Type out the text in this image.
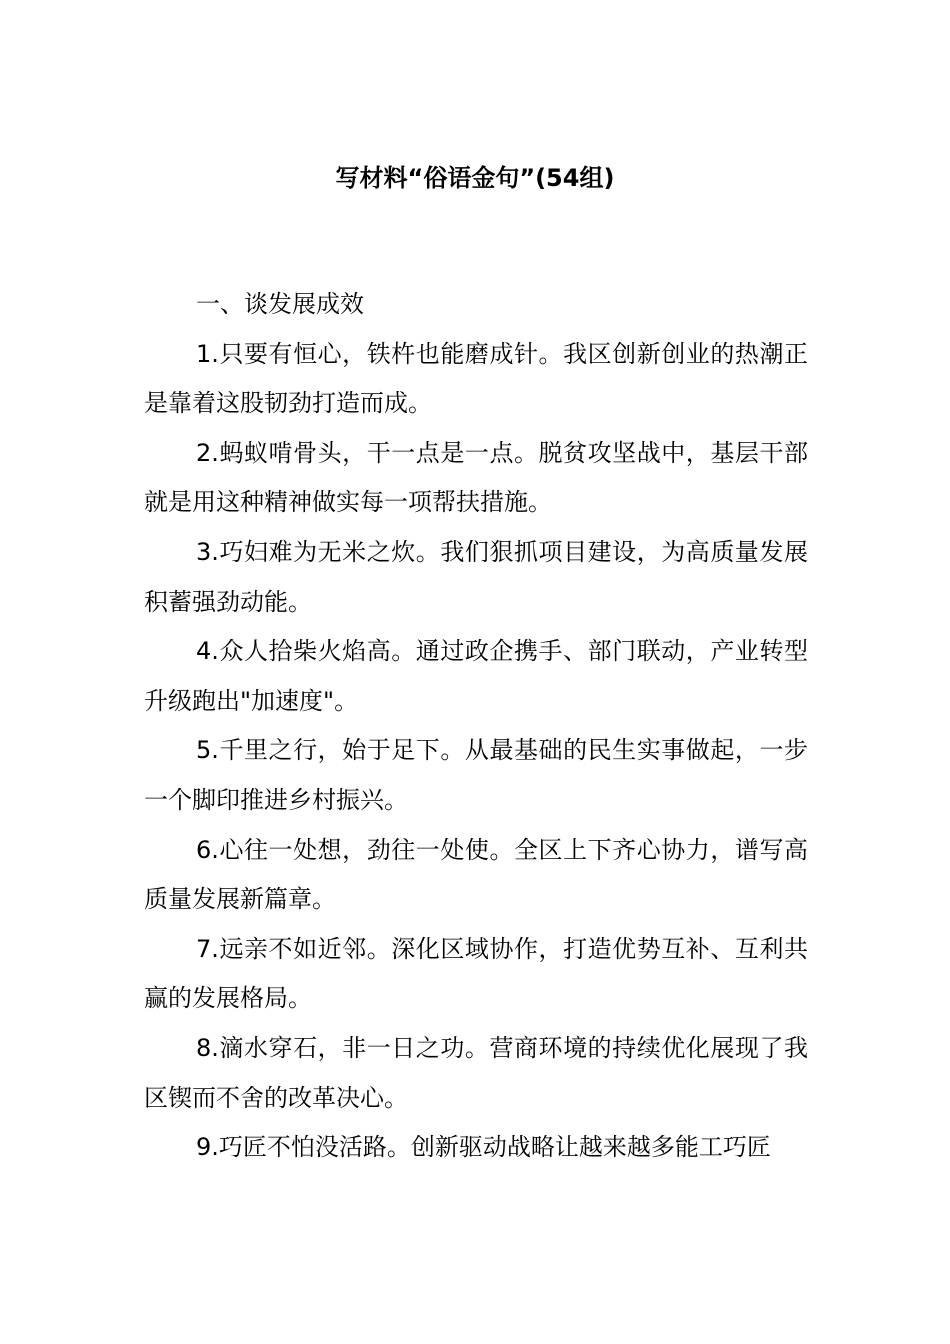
写材料“俗语金句”(54组)

一、谈发展成效

1.只要有恒心，铁杵也能磨成针。我区创新创业的热潮正是靠着这股韧劲打造而成。

2.蚂蚁啃骨头，干一点是一点。脱贫攻坚战中，基层干部就是用这种精神做实每一项帮扶措施。

3.巧妇难为无米之炊。我们狠抓项目建设，为高质量发展积蓄强劲动能。

4.众人拾柴火焰高。通过政企携手、部门联动，产业转型升级跑出"加速度"。

5.千里之行，始于足下。从最基础的民生实事做起，一步一个脚印推进乡村振兴。

6.心往一处想，劲往一处使。全区上下齐心协力，谱写高质量发展新篇章。

7.远亲不如近邻。深化区域协作，打造优势互补、互利共赢的发展格局。

8.滴水穿石，非一日之功。营商环境的持续优化展现了我区锲而不舍的改革决心。

9.巧匠不怕没活路。创新驱动战略让越来越多能工巧匠
